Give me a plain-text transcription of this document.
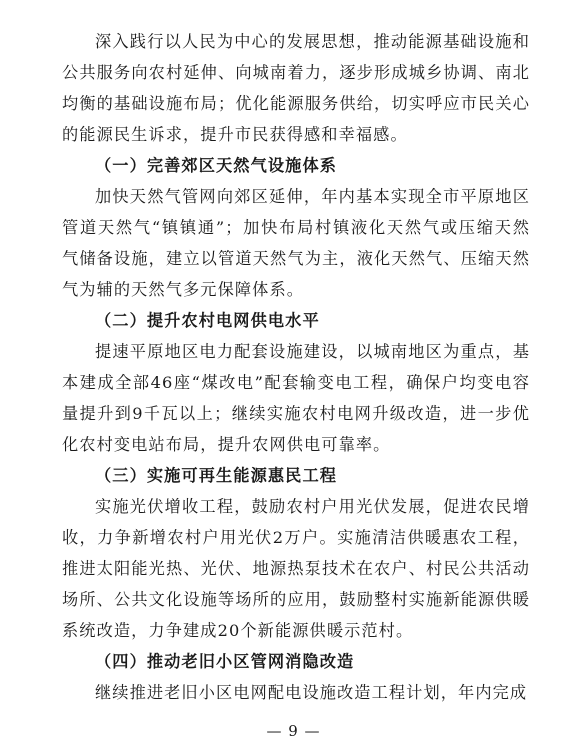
深入践行以人民为中心的发展思想，推动能源基础设施和公共服务向农村延伸、向城南着力，逐步形成城乡协调、南北均衡的基础设施布局；优化能源服务供给，切实呼应市民关心的能源民生诉求，提升市民获得感和幸福感。

（一）完善郊区天然气设施体系

加快天然气管网向郊区延伸，年内基本实现全市平原地区管道天然气“镇镇通”；加快布局村镇液化天然气或压缩天然气储备设施，建立以管道天然气为主，液化天然气、压缩天然气为辅的天然气多元保障体系。

（二）提升农村电网供电水平

提速平原地区电力配套设施建设，以城南地区为重点，基本建成全部46座“煤改电”配套输变电工程，确保户均变电容量提升到9千瓦以上；继续实施农村电网升级改造，进一步优化农村变电站布局，提升农网供电可靠率。

（三）实施可再生能源惠民工程

实施光伏增收工程，鼓励农村户用光伏发展，促进农民增收，力争新增农村户用光伏2万户。实施清洁供暖惠农工程，推进太阳能光热、光伏、地源热泵技术在农户、村民公共活动场所、公共文化设施等场所的应用，鼓励整村实施新能源供暖系统改造，力争建成20个新能源供暖示范村。

（四）推动老旧小区管网消隐改造

继续推进老旧小区电网配电设施改造工程计划，年内完成

— 9 —
